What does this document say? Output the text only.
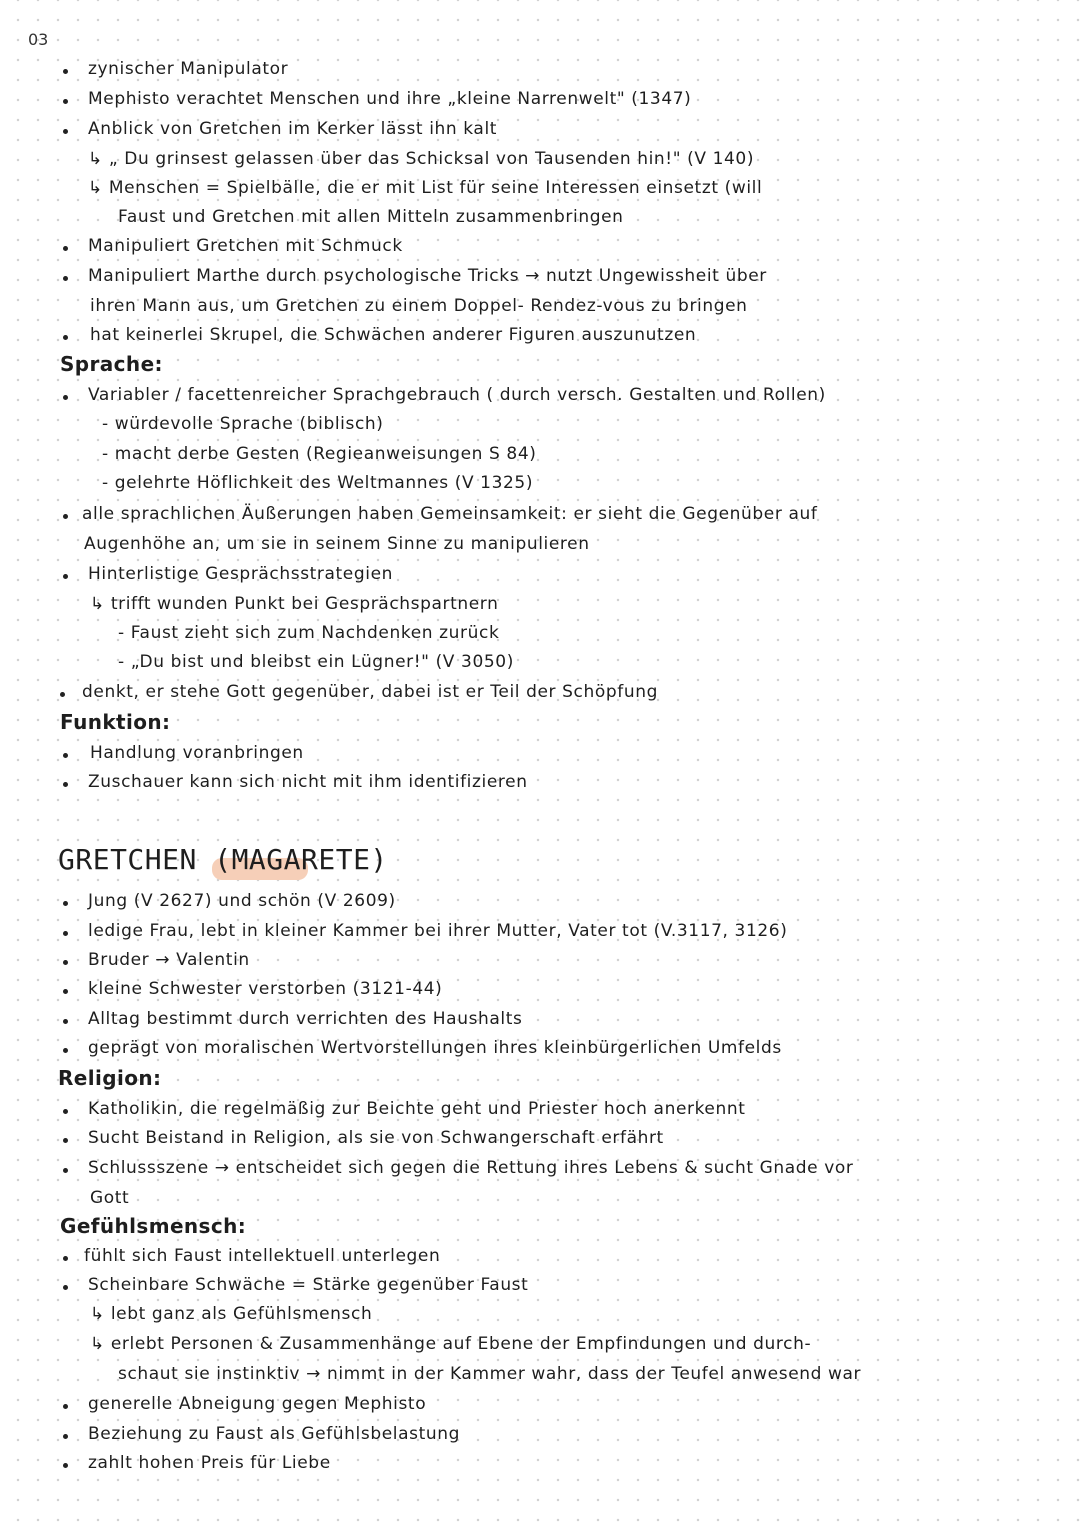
03
zynischer Manipulator
Mephisto verachtet Menschen und ihre „kleine Narrenwelt" (1347)
Anblick von Gretchen im Kerker lässt ihn kalt
↳ „ Du grinsest gelassen über das Schicksal von Tausenden hin!" (V 140)
↳ Menschen = Spielbälle, die er mit List für seine Interessen einsetzt (will
Faust und Gretchen mit allen Mitteln zusammenbringen
Manipuliert Gretchen mit Schmuck
Manipuliert Marthe durch psychologische Tricks → nutzt Ungewissheit über
ihren Mann aus, um Gretchen zu einem Doppel- Rendez-vous zu bringen
hat keinerlei Skrupel, die Schwächen anderer Figuren auszunutzen
Sprache:
Variabler / facettenreicher Sprachgebrauch ( durch versch. Gestalten und Rollen)
- würdevolle Sprache (biblisch)
- macht derbe Gesten (Regieanweisungen S 84)
- gelehrte Höflichkeit des Weltmannes (V 1325)
alle sprachlichen Äußerungen haben Gemeinsamkeit: er sieht die Gegenüber auf
Augenhöhe an, um sie in seinem Sinne zu manipulieren
Hinterlistige Gesprächsstrategien
↳ trifft wunden Punkt bei Gesprächspartnern
- Faust zieht sich zum Nachdenken zurück
- „Du bist und bleibst ein Lügner!" (V 3050)
denkt, er stehe Gott gegenüber, dabei ist er Teil der Schöpfung
Funktion:
Handlung voranbringen
Zuschauer kann sich nicht mit ihm identifizieren
GRETCHEN (MAGARETE)
Jung (V 2627) und schön (V 2609)
ledige Frau, lebt in kleiner Kammer bei ihrer Mutter, Vater tot (V.3117, 3126)
Bruder → Valentin
kleine Schwester verstorben (3121-44)
Alltag bestimmt durch verrichten des Haushalts
geprägt von moralischen Wertvorstellungen ihres kleinbürgerlichen Umfelds
Religion:
Katholikin, die regelmäßig zur Beichte geht und Priester hoch anerkennt
Sucht Beistand in Religion, als sie von Schwangerschaft erfährt
Schlussszene → entscheidet sich gegen die Rettung ihres Lebens & sucht Gnade vor
Gott
Gefühlsmensch:
fühlt sich Faust intellektuell unterlegen
Scheinbare Schwäche = Stärke gegenüber Faust
↳ lebt ganz als Gefühlsmensch
↳ erlebt Personen & Zusammenhänge auf Ebene der Empfindungen und durch-
schaut sie instinktiv → nimmt in der Kammer wahr, dass der Teufel anwesend war
generelle Abneigung gegen Mephisto
Beziehung zu Faust als Gefühlsbelastung
zahlt hohen Preis für Liebe
